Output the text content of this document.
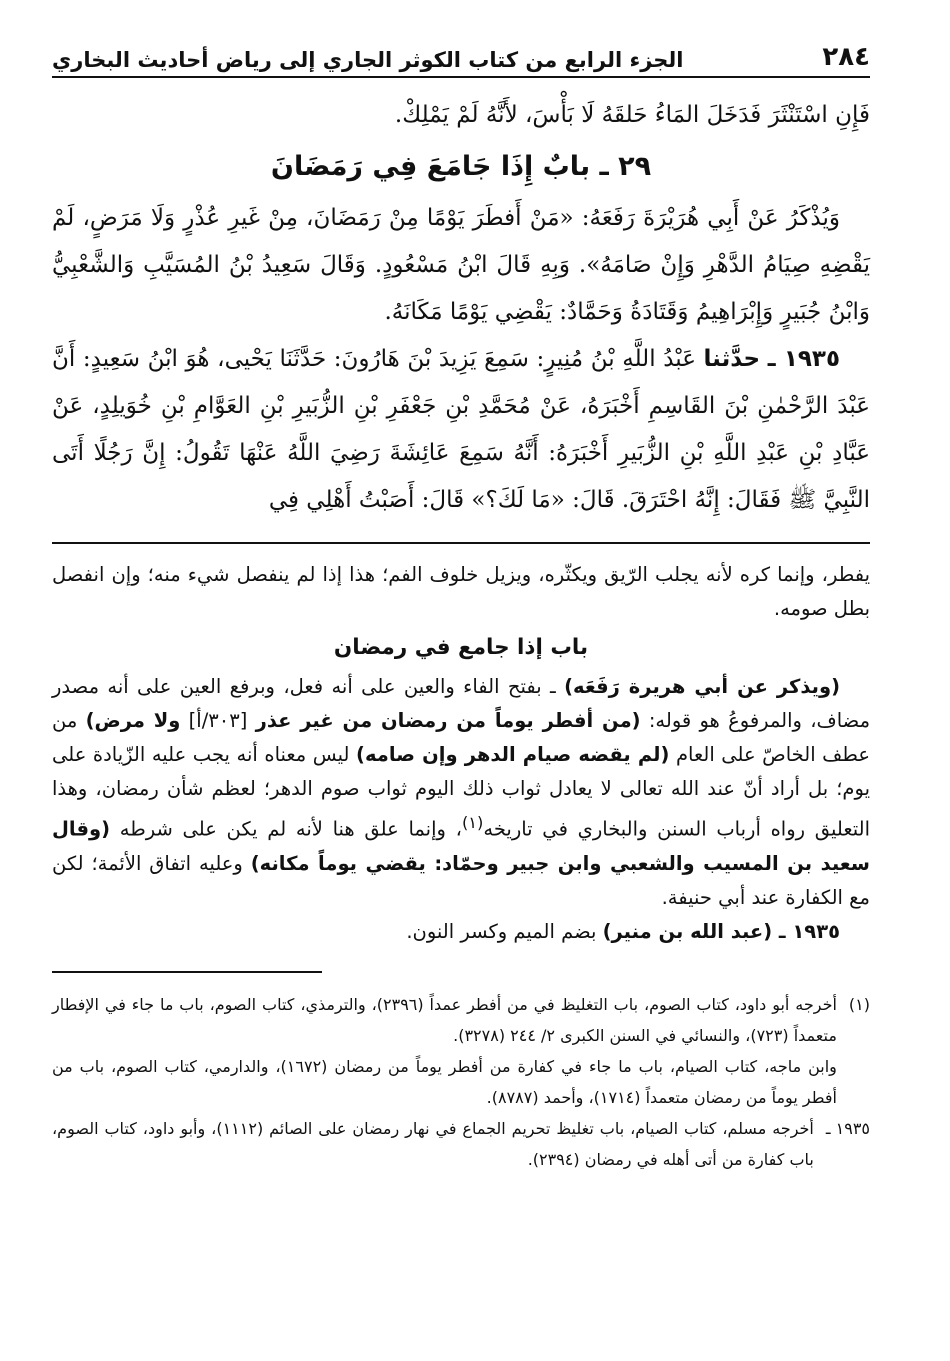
٢٨٤
الجزء الرابع من كتاب الكوثر الجاري إلى رياض أحاديث البخاري

فَإِنِ اسْتَنْثَرَ فَدَخَلَ المَاءُ حَلقَهُ لَا بَأْسَ، لأَنَّهُ لَمْ يَمْلِكْ.

٢٩ ـ بابٌ إِذَا جَامَعَ فِي رَمَضَانَ

وَيُذْكَرُ عَنْ أَبِي هُرَيْرَةَ رَفَعَهُ: «مَنْ أَفطَرَ يَوْمًا مِنْ رَمَضَانَ، مِنْ غَيرِ عُذْرٍ وَلَا مَرَضٍ، لَمْ يَقْضِهِ صِيَامُ الدَّهْرِ وَإِنْ صَامَهُ». وَبِهِ قَالَ ابْنُ مَسْعُودٍ. وَقَالَ سَعِيدُ بْنُ المُسَيَّبِ وَالشَّعْبِيُّ وَابْنُ جُبَيرٍ وَإِبْرَاهِيمُ وَقَتَادَةُ وَحَمَّادٌ: يَقْضِي يَوْمًا مَكَانَهُ.

١٩٣٥ ـ حدَّثنا عَبْدُ اللَّهِ بْنُ مُنِيرٍ: سَمِعَ يَزِيدَ بْنَ هَارُونَ: حَدَّثَنَا يَحْيى، هُوَ ابْنُ سَعِيدٍ: أَنَّ عَبْدَ الرَّحْمٰنِ بْنَ القَاسِمِ أَخْبَرَهُ، عَنْ مُحَمَّدِ بْنِ جَعْفَرِ بْنِ الزُّبَيرِ بْنِ العَوَّامِ بْنِ خُوَيلِدٍ، عَنْ عَبَّادِ بْنِ عَبْدِ اللَّهِ بْنِ الزُّبَيرِ أَخْبَرَهُ: أَنَّهُ سَمِعَ عَائِشَةَ رَضِيَ اللَّهُ عَنْهَا تَقُولُ: إِنَّ رَجُلًا أَتَى النَّبِيَّ ﷺ فَقَالَ: إِنَّهُ احْتَرَقَ. قَالَ: «مَا لَكَ؟» قَالَ: أَصَبْتُ أَهْلِي فِي

يفطر، وإنما كره لأنه يجلب الرّيق ويكثّره، ويزيل خلوف الفم؛ هذا إذا لم ينفصل شيء منه؛ وإن انفصل بطل صومه.

باب إذا جامع في رمضان

(ويذكر عن أبي هريرة رَفَعَه) ـ بفتح الفاء والعين على أنه فعل، وبرفع العين على أنه مصدر مضاف، والمرفوعُ هو قوله: (من أفطر يوماً من رمضان من غير عذر [٣٠٣/أ] ولا مرض) من عطف الخاصّ على العام (لم يقضه صيام الدهر وإن صامه) ليس معناه أنه يجب عليه الزّيادة على يوم؛ بل أراد أنّ عند الله تعالى لا يعادل ثواب ذلك اليوم ثواب صوم الدهر؛ لعظم شأن رمضان، وهذا التعليق رواه أرباب السنن والبخاري في تاريخه$^{(١)}$، وإنما علق هنا لأنه لم يكن على شرطه (وقال سعيد بن المسيب والشعبي وابن جبير وحمّاد: يقضي يوماً مكانه) وعليه اتفاق الأئمة؛ لكن مع الكفارة عند أبي حنيفة.

١٩٣٥ ـ (عبد الله بن منير) بضم الميم وكسر النون.

(١)

أخرجه أبو داود، كتاب الصوم، باب التغليظ في من أفطر عمداً (٢٣٩٦)، والترمذي، كتاب الصوم، باب ما جاء في الإفطار متعمداً (٧٢٣)، والنسائي في السنن الكبرى ٢/ ٢٤٤ (٣٢٧٨).

وابن ماجه، كتاب الصيام، باب ما جاء في كفارة من أفطر يوماً من رمضان (١٦٧٢)، والدارمي، كتاب الصوم، باب من أفطر يوماً من رمضان متعمداً (١٧١٤)، وأحمد (٨٧٨٧).

١٩٣٥ ـ

أخرجه مسلم، كتاب الصيام، باب تغليظ تحريم الجماع في نهار رمضان على الصائم (١١١٢)، وأبو داود، كتاب الصوم، باب كفارة من أتى أهله في رمضان (٢٣٩٤).
